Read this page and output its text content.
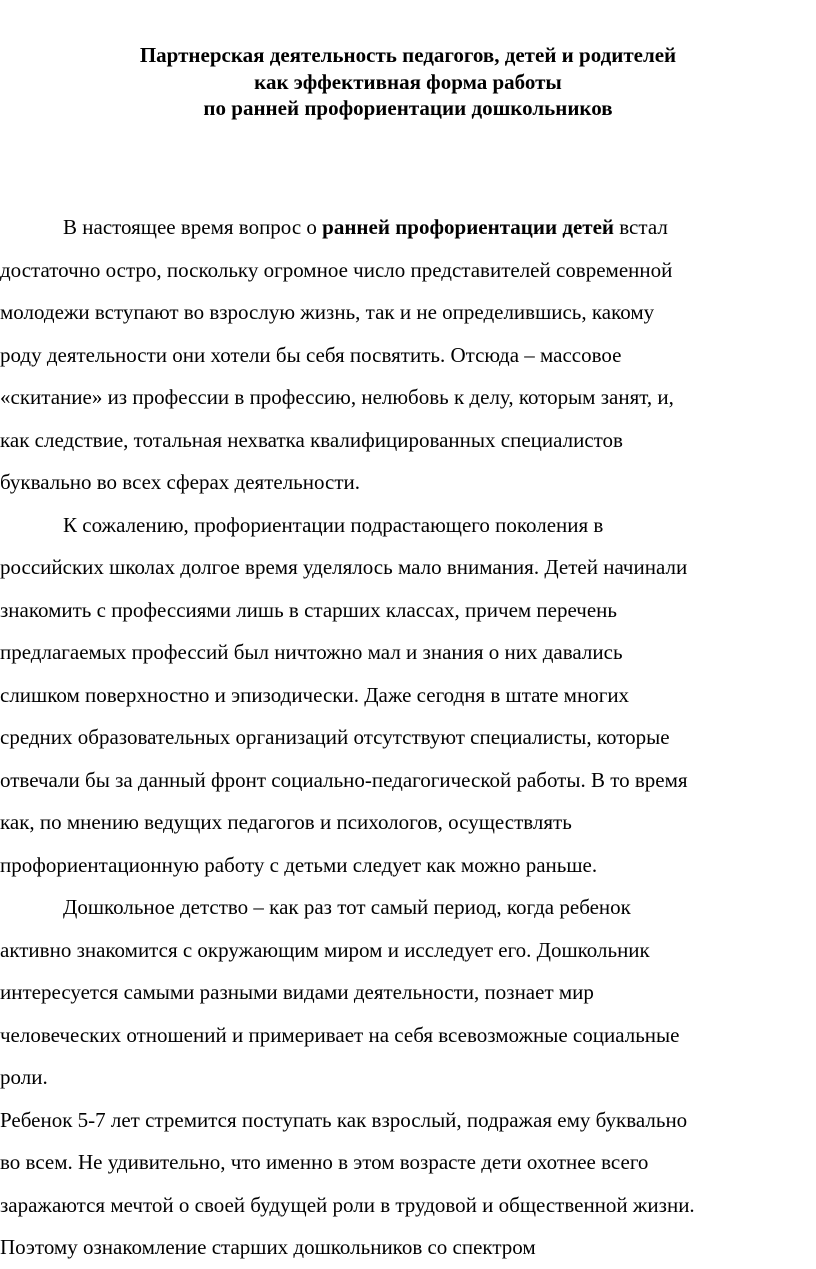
Партнерская деятельность педагогов, детей и родителей
как эффективная форма работы
по ранней профориентации дошкольников

В настоящее время вопрос о ранней профориентации детей встал
достаточно остро, поскольку огромное число представителей современной
молодежи вступают во взрослую жизнь, так и не определившись, какому
роду деятельности они хотели бы себя посвятить. Отсюда – массовое
«скитание» из профессии в профессию, нелюбовь к делу, которым занят, и,
как следствие, тотальная нехватка квалифицированных специалистов
буквально во всех сферах деятельности.

К сожалению, профориентации подрастающего поколения в
российских школах долгое время уделялось мало внимания. Детей начинали
знакомить с профессиями лишь в старших классах, причем перечень
предлагаемых профессий был ничтожно мал и знания о них давались
слишком поверхностно и эпизодически. Даже сегодня в штате многих
средних образовательных организаций отсутствуют специалисты, которые
отвечали бы за данный фронт социально-педагогической работы. В то время
как, по мнению ведущих педагогов и психологов, осуществлять
профориентационную работу с детьми следует как можно раньше.

Дошкольное детство – как раз тот самый период, когда ребенок
активно знакомится с окружающим миром и исследует его. Дошкольник
интересуется самыми разными видами деятельности, познает мир
человеческих отношений и примеривает на себя всевозможные социальные
роли.

Ребенок 5-7 лет стремится поступать как взрослый, подражая ему буквально
во всем. Не удивительно, что именно в этом возрасте дети охотнее всего
заражаются мечтой о своей будущей роли в трудовой и общественной жизни.
Поэтому ознакомление старших дошкольников со спектром
